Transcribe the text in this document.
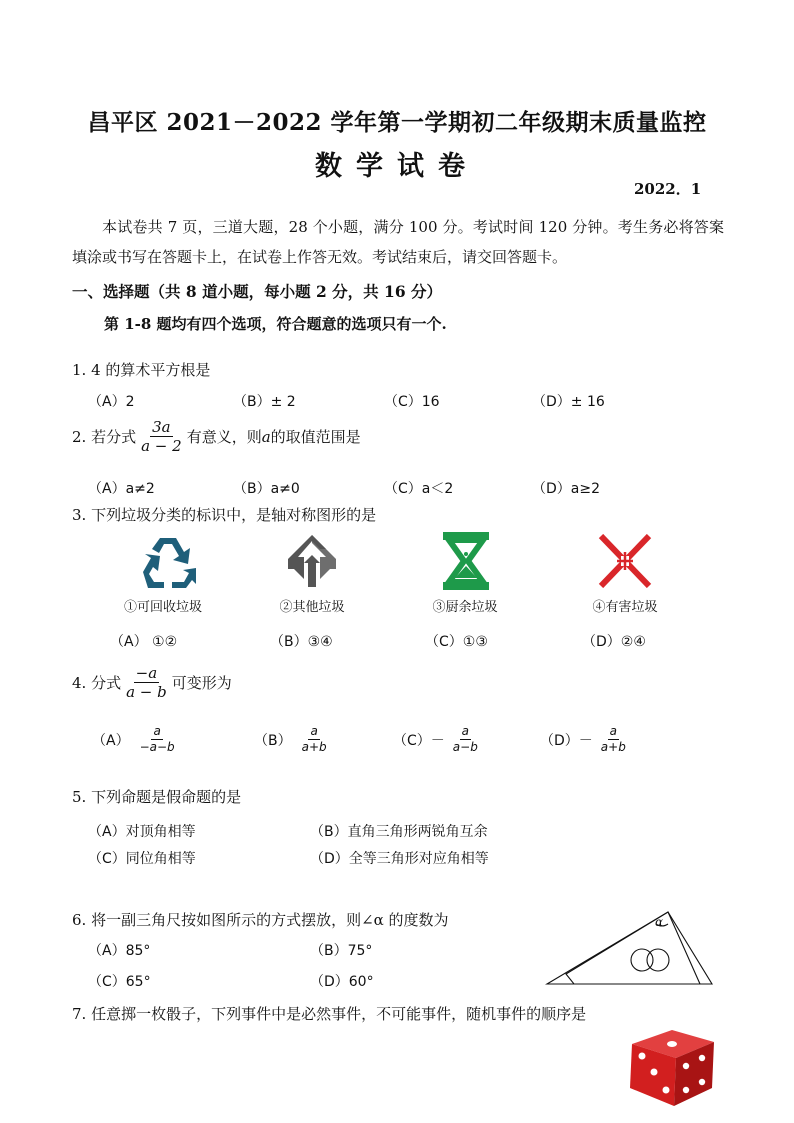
昌平区 2021－2022 学年第一学期初二年级期末质量监控
数学试卷
2022．1
本试卷共 7 页，三道大题，28 个小题，满分 100 分。考试时间 120 分钟。考生务必将答案填涂或书写在答题卡上，在试卷上作答无效。考试结束后，请交回答题卡。
一、选择题（共 8 道小题，每小题 2 分，共 16 分）
第 1-8 题均有四个选项，符合题意的选项只有一个.
1. 4 的算术平方根是
（A）2	（B）± 2	（C）16	（D）± 16
2. 若分式 $\frac{3a}{a - 2}$ 有意义，则 a 的取值范围是
（A）a≠2	（B）a≠0	（C）a＜2	（D）a≥2
3. 下列垃圾分类的标识中，是轴对称图形的是
①可回收垃圾	②其他垃圾	③厨余垃圾	④有害垃圾
（A） ①②	（B）③④	（C）①③	（D）②④
4. 分式 $\frac{-a}{a - b}$ 可变形为
$(A) \frac{a}{-a-b}$	$(B) \frac{a}{a+b}$	$(C)- \frac{a}{a-b}$	$(D)- \frac{a}{a+b}$
5. 下列命题是假命题的是
（A）对顶角相等	（B）直角三角形两锐角互余
（C）同位角相等	（D）全等三角形对应角相等
6. 将一副三角尺按如图所示的方式摆放，则∠α 的度数为
（A）85°	（B）75°
（C）65°	（D）60°
α
7. 任意掷一枚骰子，下列事件中是必然事件，不可能事件，随机事件的顺序是
